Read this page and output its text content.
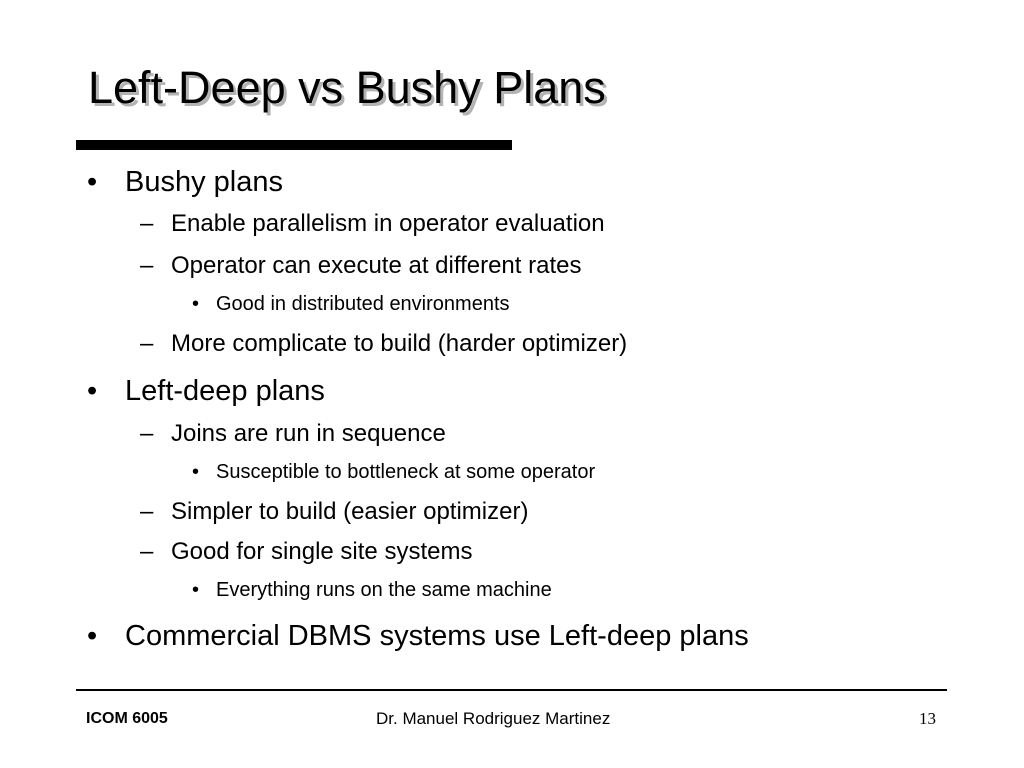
Left-Deep vs Bushy Plans
• Bushy plans
– Enable parallelism in operator evaluation
– Operator can execute at different rates
• Good in distributed environments
– More complicate to build (harder optimizer)
• Left-deep plans
– Joins are run in sequence
• Susceptible to bottleneck at some operator
– Simpler to build (easier optimizer)
– Good for single site systems
• Everything runs on the same machine
• Commercial DBMS systems use Left-deep plans
ICOM 6005	Dr. Manuel Rodriguez Martinez	13
